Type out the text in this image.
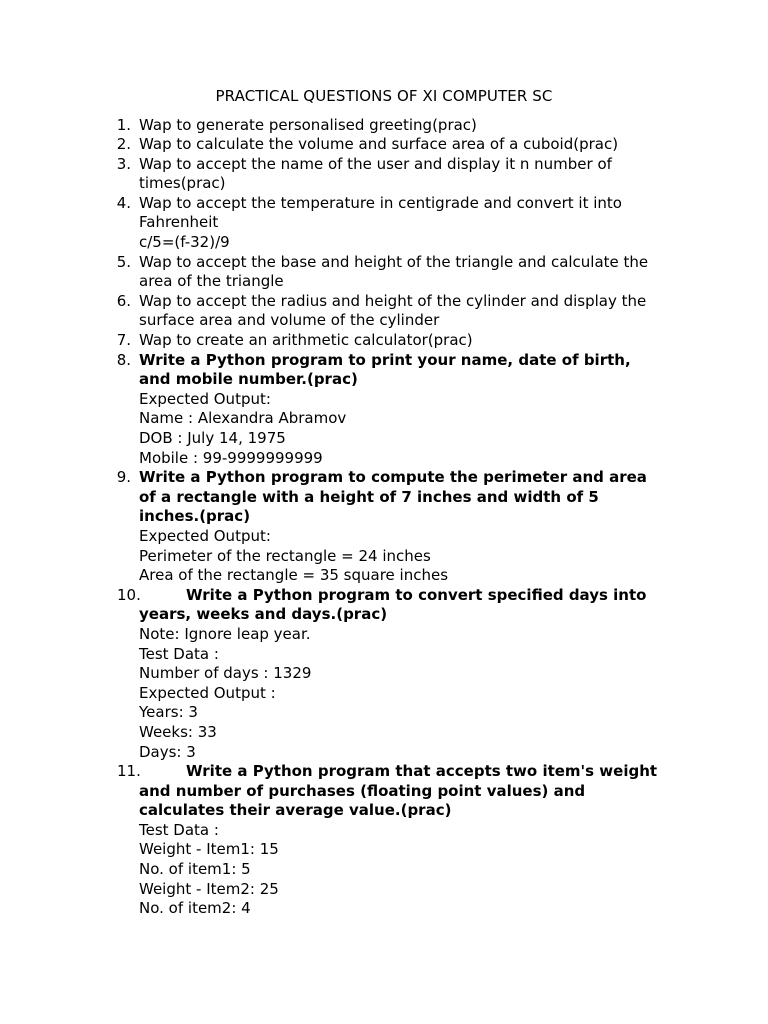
PRACTICAL QUESTIONS OF XI COMPUTER SC
1. Wap to generate personalised greeting(prac)
2. Wap to calculate the volume and surface area of a cuboid(prac)
3. Wap to accept the name of the user and display it n number of
times(prac)
4. Wap to accept the temperature in centigrade and convert it into
Fahrenheit
c/5=(f-32)/9
5. Wap to accept the base and height of the triangle and calculate the
area of the triangle
6. Wap to accept the radius and height of the cylinder and display the
surface area and volume of the cylinder
7. Wap to create an arithmetic calculator(prac)
8. Write a Python program to print your name, date of birth,
and mobile number.(prac)
Expected Output:
Name : Alexandra Abramov
DOB : July 14, 1975
Mobile : 99-9999999999
9. Write a Python program to compute the perimeter and area
of a rectangle with a height of 7 inches and width of 5
inches.(prac)
Expected Output:
Perimeter of the rectangle = 24 inches
Area of the rectangle = 35 square inches
10.	Write a Python program to convert specified days into
years, weeks and days.(prac)
Note: Ignore leap year.
Test Data :
Number of days : 1329
Expected Output :
Years: 3
Weeks: 33
Days: 3
11.	Write a Python program that accepts two item's weight
and number of purchases (floating point values) and
calculates their average value.(prac)
Test Data :
Weight - Item1: 15
No. of item1: 5
Weight - Item2: 25
No. of item2: 4
